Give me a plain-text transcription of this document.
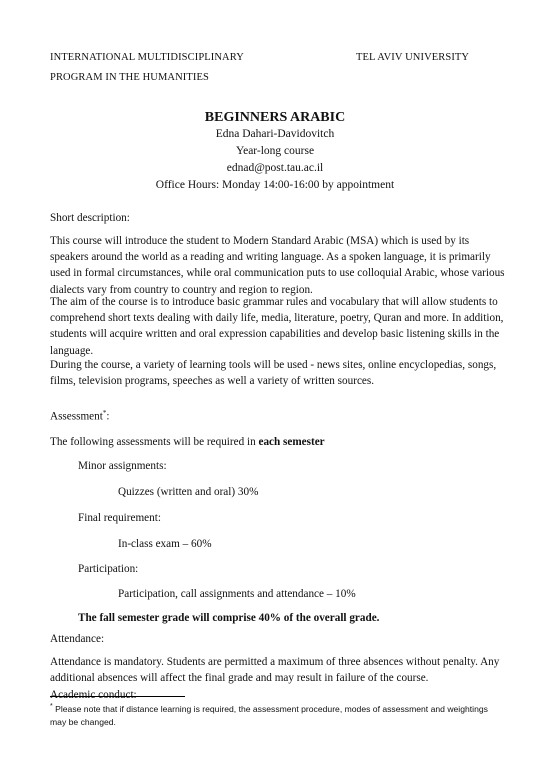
INTERNATIONAL MULTIDISCIPLINARY
PROGRAM IN THE HUMANITIES
TEL AVIV UNIVERSITY
BEGINNERS ARABIC
Edna Dahari-Davidovitch
Year-long course
ednad@post.tau.ac.il
Office Hours: Monday 14:00-16:00 by appointment
Short description:

This course will introduce the student to Modern Standard Arabic (MSA) which is used by its speakers around the world as a reading and writing language. As a spoken language, it is primarily used in formal circumstances, while oral communication puts to use colloquial Arabic, whose various dialects vary from country to country and region to region.

The aim of the course is to introduce basic grammar rules and vocabulary that will allow students to comprehend short texts dealing with daily life, media, literature, poetry, Quran and more. In addition, students will acquire written and oral expression capabilities and develop basic listening skills in the language.

During the course, a variety of learning tools will be used - news sites, online encyclopedias, songs, films, television programs, speeches as well a variety of written sources.

Assessment*:
The following assessments will be required in each semester
Minor assignments:
Quizzes (written and oral) 30%
Final requirement:
In-class exam – 60%
Participation:
Participation, call assignments and attendance – 10%
The fall semester grade will comprise 40% of the overall grade.
Attendance:

Attendance is mandatory. Students are permitted a maximum of three absences without penalty. Any additional absences will affect the final grade and may result in failure of the course.

Academic conduct:
* Please note that if distance learning is required, the assessment procedure, modes of assessment and weightings may be changed.
